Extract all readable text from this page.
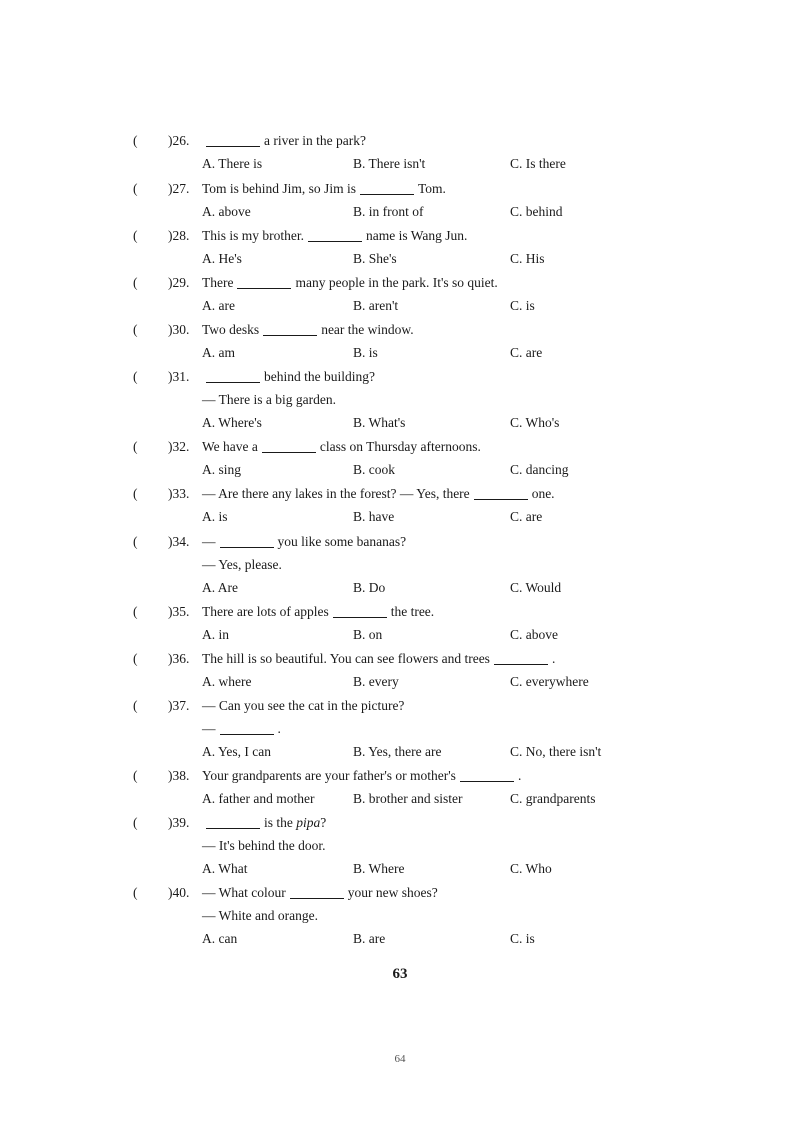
( )26.	a river in the park?
A. There is	B. There isn't	C. Is there
( )27. Tom is behind Jim, so Jim is	Tom.
A. above	B. in front of	C. behind
( )28. This is my brother.	name is Wang Jun.
A. He's	B. She's	C. His
( )29. There	many people in the park. It's so quiet.
A. are	B. aren't	C. is
( )30. Two desks	near the window.
A. am	B. is	C. are
( )31.	behind the building?
— There is a big garden.
A. Where's	B. What's	C. Who's
( )32. We have a	class on Thursday afternoons.
A. sing	B. cook	C. dancing
( )33. — Are there any lakes in the forest? — Yes, there	one.
A. is	B. have	C. are
( )34. —	you like some bananas?
— Yes, please.
A. Are	B. Do	C. Would
( )35. There are lots of apples	the tree.
A. in	B. on	C. above
( )36. The hill is so beautiful. You can see flowers and trees	.
A. where	B. every	C. everywhere
( )37. — Can you see the cat in the picture?
—	.
A. Yes, I can	B. Yes, there are	C. No, there isn't
( )38. Your grandparents are your father's or mother's	.
A. father and mother	B. brother and sister	C. grandparents
( )39.	is the pipa?
— It's behind the door.
A. What	B. Where	C. Who
( )40. — What colour	your new shoes?
— White and orange.
A. can	B. are	C. is
63
64
